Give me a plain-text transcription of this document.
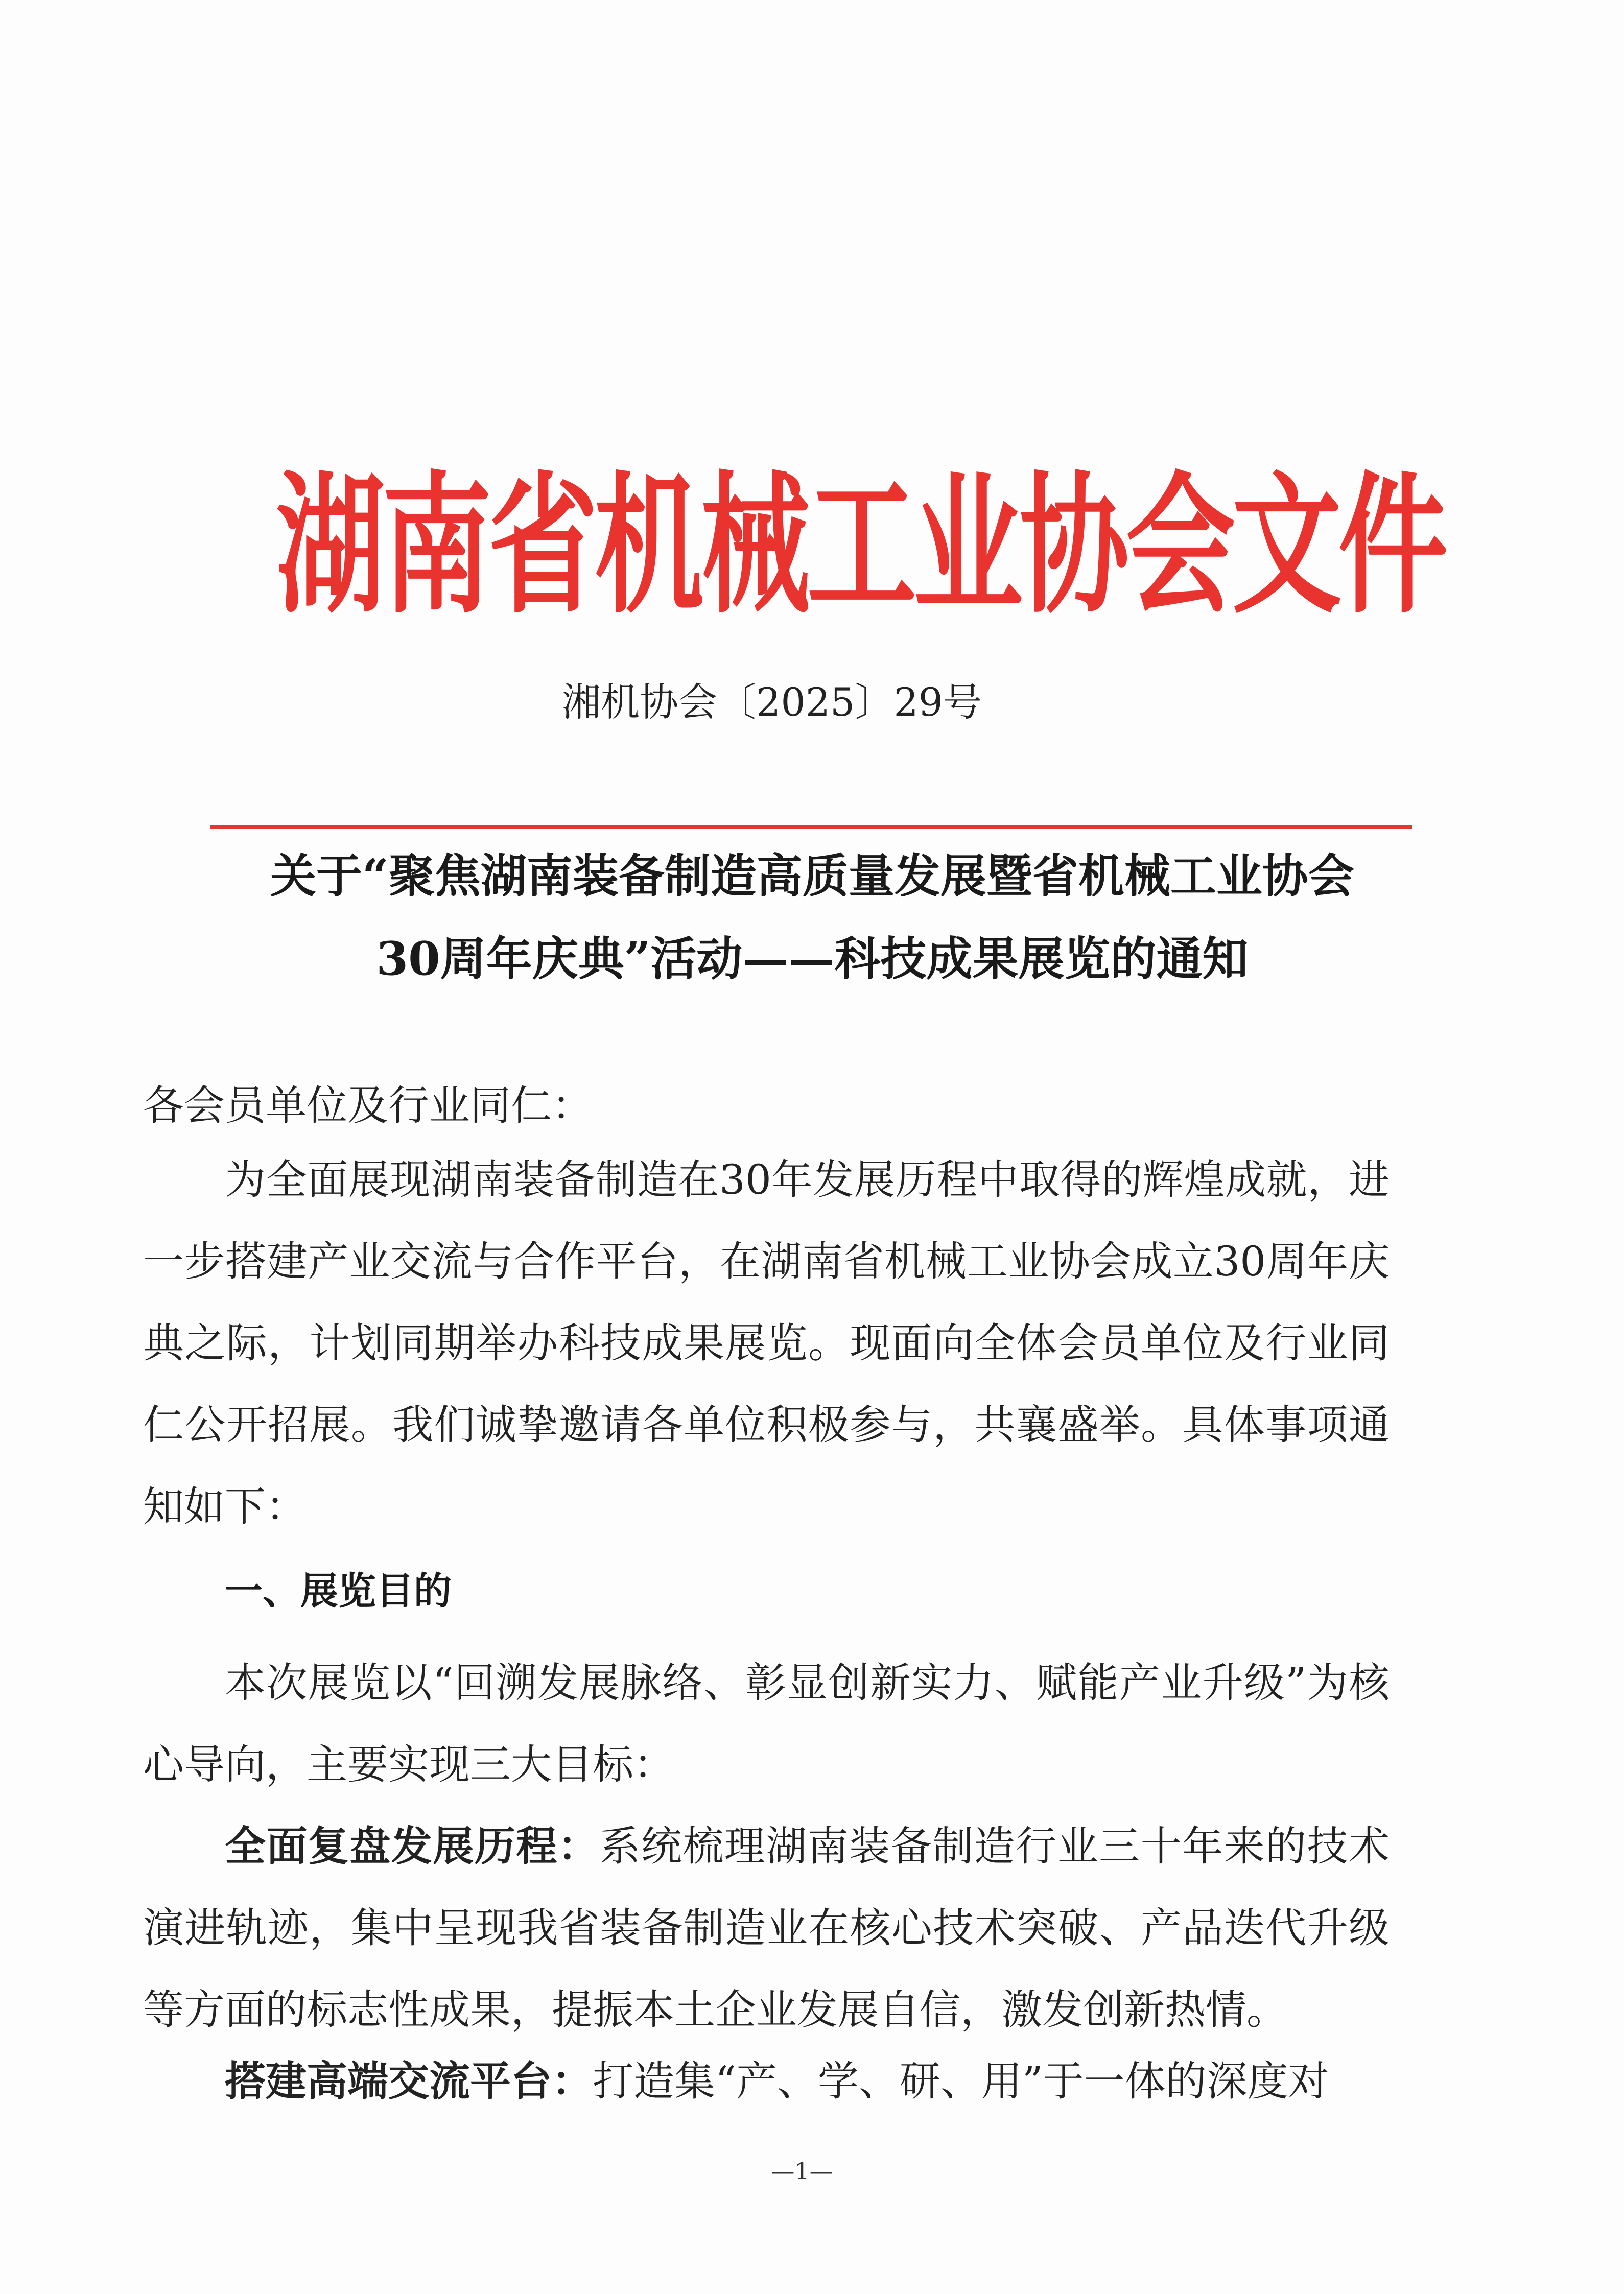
湖南省机械工业协会文件
湘机协会〔2025〕29号
关于“聚焦湖南装备制造高质量发展暨省机械工业协会
30周年庆典”活动——科技成果展览的通知
各会员单位及行业同仁：

为全面展现湖南装备制造在30年发展历程中取得的辉煌成就，进一步搭建产业交流与合作平台，在湖南省机械工业协会成立30周年庆典之际，计划同期举办科技成果展览。现面向全体会员单位及行业同仁公开招展。我们诚挚邀请各单位积极参与，共襄盛举。具体事项通知如下：

一、展览目的

本次展览以“回溯发展脉络、彰显创新实力、赋能产业升级”为核心导向，主要实现三大目标：

全面复盘发展历程：系统梳理湖南装备制造行业三十年来的技术演进轨迹，集中呈现我省装备制造业在核心技术突破、产品迭代升级等方面的标志性成果，提振本土企业发展自信，激发创新热情。

搭建高端交流平台：打造集“产、学、研、用”于一体的深度对

—1—
